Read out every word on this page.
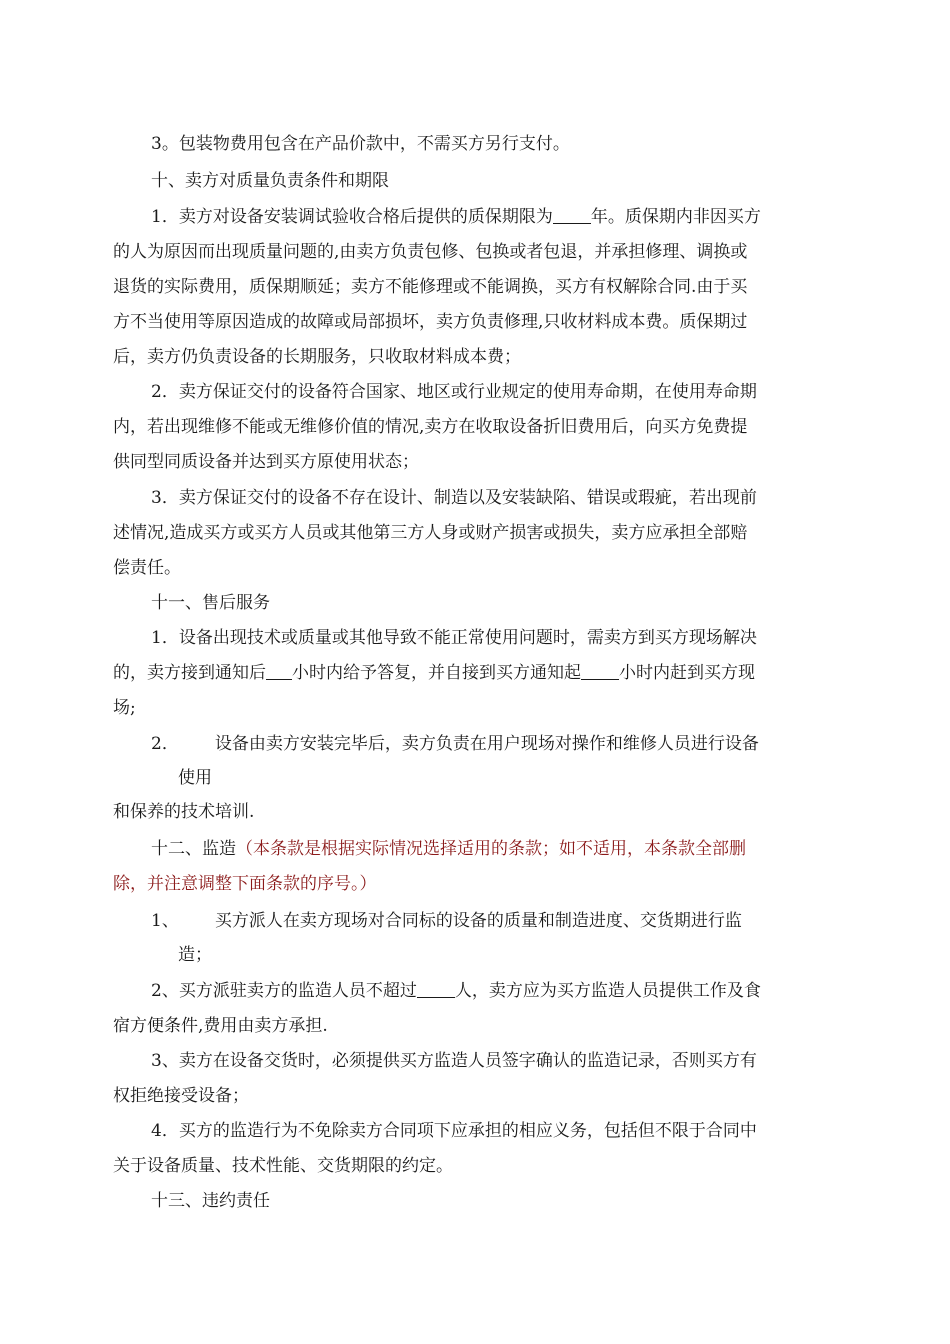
3。包装物费用包含在产品价款中，不需买方另行支付。
十、卖方对质量负责条件和期限
1．卖方对设备安装调试验收合格后提供的质保期限为 年。质保期内非因买方
的人为原因而出现质量问题的,由卖方负责包修、包换或者包退，并承担修理、调换或
退货的实际费用，质保期顺延；卖方不能修理或不能调换，买方有权解除合同.由于买
方不当使用等原因造成的故障或局部损坏，卖方负责修理,只收材料成本费。质保期过
后，卖方仍负责设备的长期服务，只收取材料成本费；
2．卖方保证交付的设备符合国家、地区或行业规定的使用寿命期，在使用寿命期
内，若出现维修不能或无维修价值的情况,卖方在收取设备折旧费用后，向买方免费提
供同型同质设备并达到买方原使用状态；
3．卖方保证交付的设备不存在设计、制造以及安装缺陷、错误或瑕疵，若出现前
述情况,造成买方或买方人员或其他第三方人身或财产损害或损失，卖方应承担全部赔
偿责任。
十一、售后服务
1．设备出现技术或质量或其他导致不能正常使用问题时，需卖方到买方现场解决
的，卖方接到通知后 小时内给予答复，并自接到买方通知起 小时内赶到买方现
场;
2． 设备由卖方安装完毕后，卖方负责在用户现场对操作和维修人员进行设备
使用
和保养的技术培训.
十二、监造（本条款是根据实际情况选择适用的条款；如不适用，本条款全部删
除，并注意调整下面条款的序号。）
1、 买方派人在卖方现场对合同标的设备的质量和制造进度、交货期进行监
造；
2、买方派驻卖方的监造人员不超过 人，卖方应为买方监造人员提供工作及食
宿方便条件,费用由卖方承担.
3、卖方在设备交货时，必须提供买方监造人员签字确认的监造记录，否则买方有
权拒绝接受设备；
4．买方的监造行为不免除卖方合同项下应承担的相应义务，包括但不限于合同中
关于设备质量、技术性能、交货期限的约定。
十三、违约责任
